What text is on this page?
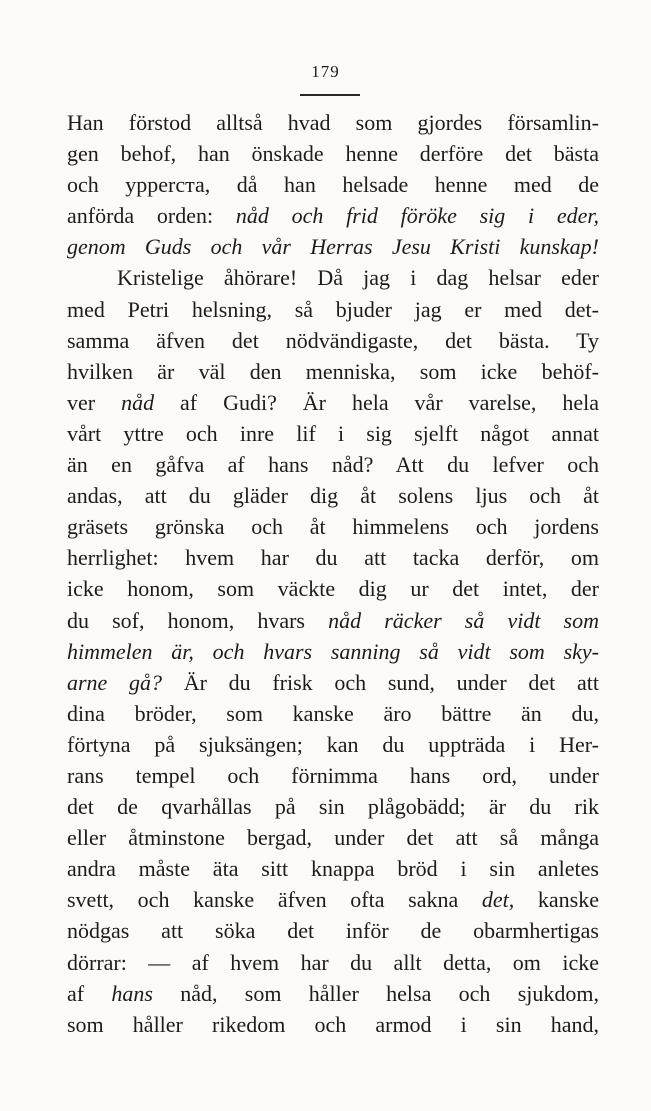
179
Han förstod alltså hvad som gjordes församlin-
gen behof, han önskade henne derföre det bästa
och ypperста, då han helsade henne med de
anförda orden: nåd och frid föröke sig i eder,
genom Guds och vår Herras Jesu Kristi kunskap!
Kristelige åhörare! Då jag i dag helsar eder
med Petri helsning, så bjuder jag er med det-
samma äfven det nödvändigaste, det bästa. Ty
hvilken är väl den menniska, som icke behöf-
ver nåd af Gudi? Är hela vår varelse, hela
vårt yttre och inre lif i sig sjelft något annat
än en gåfva af hans nåd? Att du lefver och
andas, att du gläder dig åt solens ljus och åt
gräsets grönska och åt himmelens och jordens
herrlighet: hvem har du att tacka derför, om
icke honom, som väckte dig ur det intet, der
du sof, honom, hvars nåd räcker så vidt som
himmelen är, och hvars sanning så vidt som sky-
arne gå? Är du frisk och sund, under det att
dina bröder, som kanske äro bättre än du,
förtyna på sjuksängen; kan du uppträda i Her-
rans tempel och förnimma hans ord, under
det de qvarhållas på sin plågobädd; är du rik
eller åtminstone bergad, under det att så många
andra måste äta sitt knappa bröd i sin anletes
svett, och kanske äfven ofta sakna det, kanske
nödgas att söka det inför de obarmhertigas
dörrar: — af hvem har du allt detta, om icke
af hans nåd, som håller helsa och sjukdom,
som håller rikedom och armod i sin hand,
